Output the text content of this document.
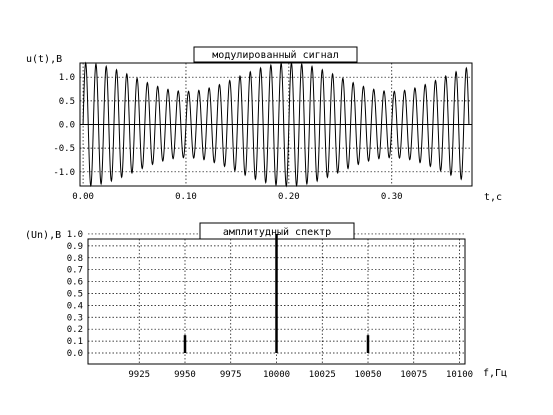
0.00	0.10	0.20	0.30
1.0
0.5
0.0
-0.5
-1.0
u(t),B
t,c
модулированный сигнал
9925	9950	9975 10000 10025 10050 10075 10100
1.0
0.9
0.8
0.7
0.6
0.5
0.4
0.3
0.2
0.1
0.0
(Un),B
f,Гц
амплитудный спектр
